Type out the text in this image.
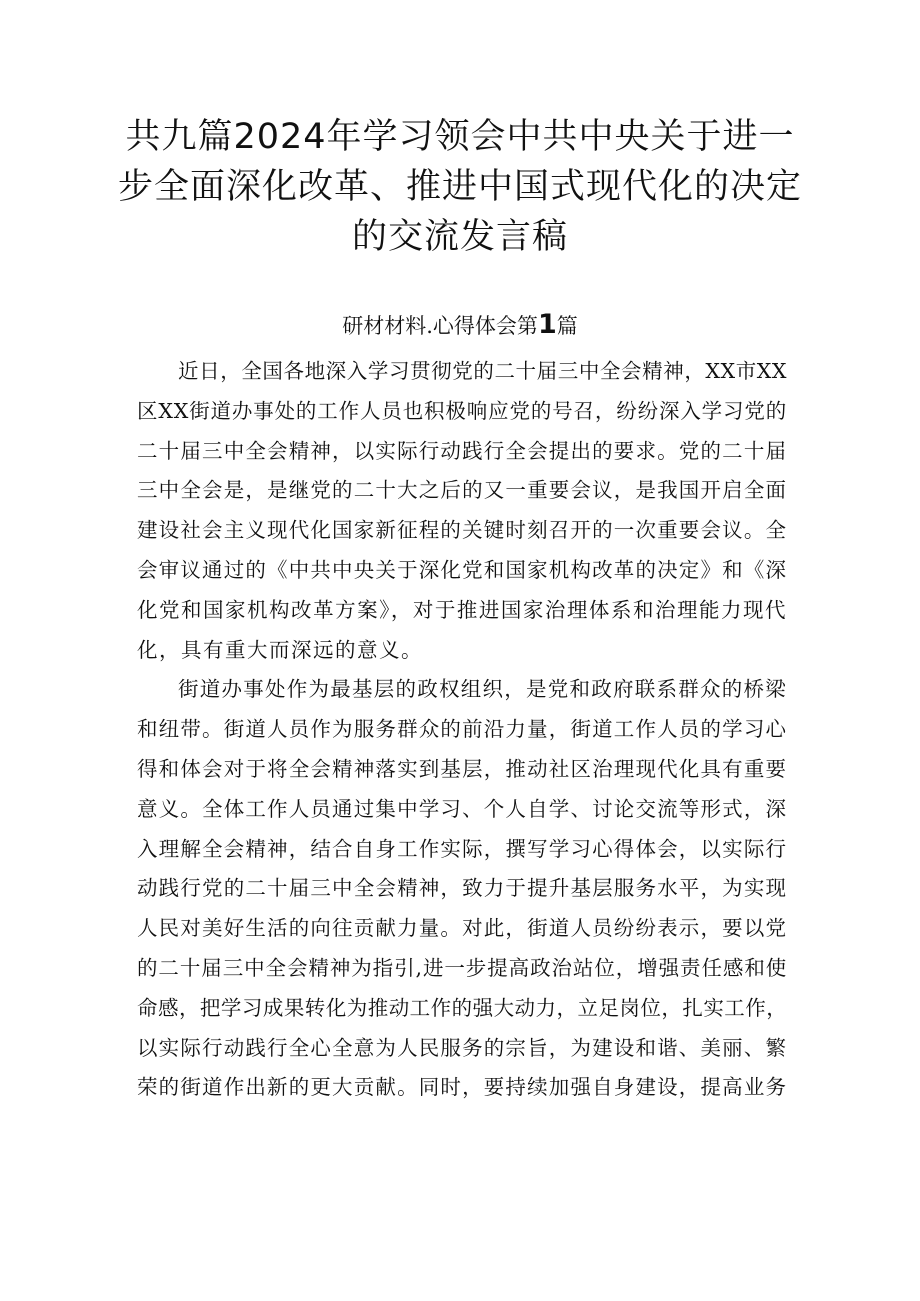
共九篇2024年学习领会中共中央关于进一
步全面深化改革、推进中国式现代化的决定
的交流发言稿
研材材料.心得体会第1篇

近日，全国各地深入学习贯彻党的二十届三中全会精神，XX市XX
区XX街道办事处的工作人员也积极响应党的号召，纷纷深入学习党的
二十届三中全会精神，以实际行动践行全会提出的要求。党的二十届
三中全会是，是继党的二十大之后的又一重要会议，是我国开启全面
建设社会主义现代化国家新征程的关键时刻召开的一次重要会议。全
会审议通过的《中共中央关于深化党和国家机构改革的决定》和《深
化党和国家机构改革方案》，对于推进国家治理体系和治理能力现代
化，具有重大而深远的意义。

街道办事处作为最基层的政权组织，是党和政府联系群众的桥梁
和纽带。街道人员作为服务群众的前沿力量，街道工作人员的学习心
得和体会对于将全会精神落实到基层，推动社区治理现代化具有重要
意义。全体工作人员通过集中学习、个人自学、讨论交流等形式，深
入理解全会精神，结合自身工作实际，撰写学习心得体会，以实际行
动践行党的二十届三中全会精神，致力于提升基层服务水平，为实现
人民对美好生活的向往贡献力量。对此，街道人员纷纷表示，要以党
的二十届三中全会精神为指引,进一步提高政治站位，增强责任感和使
命感，把学习成果转化为推动工作的强大动力，立足岗位，扎实工作，
以实际行动践行全心全意为人民服务的宗旨，为建设和谐、美丽、繁
荣的街道作出新的更大贡献。同时，要持续加强自身建设，提高业务
